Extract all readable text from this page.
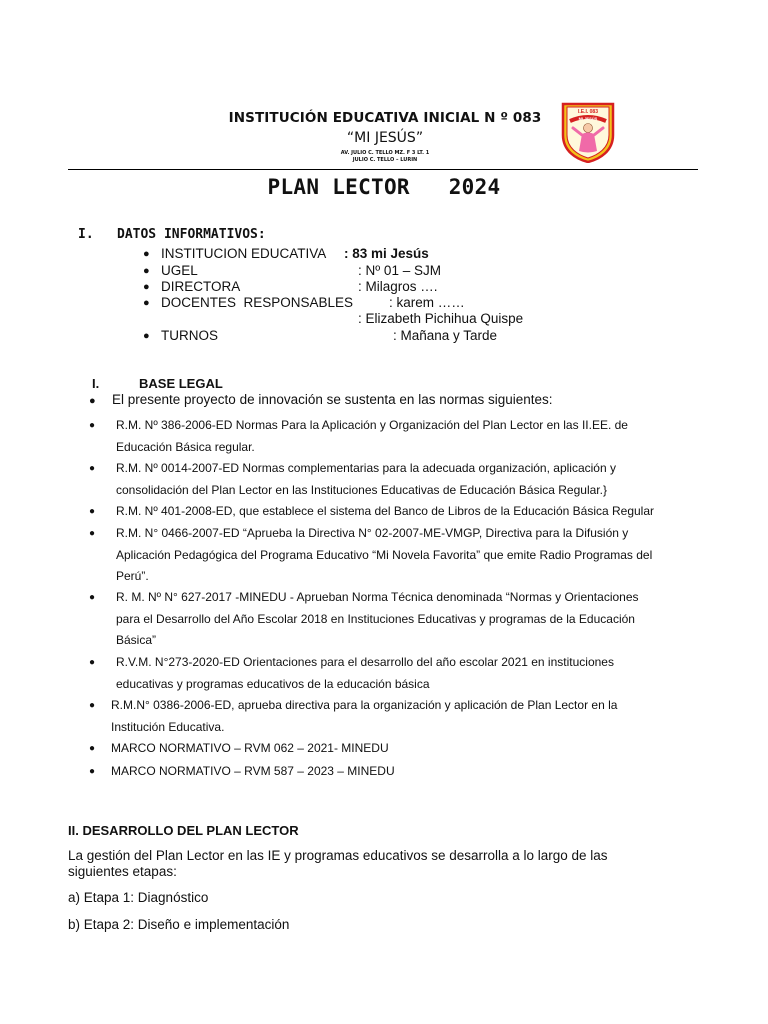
INSTITUCIÓN EDUCATIVA INICIAL N º 083
“MI JESÚS”
AV. JULIO C. TELLO MZ. F 3 LT. 1
JULIO C. TELLO – LURIN
I.E.I. 083
MI JESÚS
PLAN LECTOR   2024
I. DATOS INFORMATIVOS:
● INSTITUCION EDUCATIVA : 83 mi Jesús
● UGEL	: Nº 01 – SJM
● DIRECTORA	: Milagros ….
● DOCENTES  RESPONSABLES	: karem ……
: Elizabeth Pichihua Quispe
● TURNOS	: Mañana y Tarde
I.	BASE LEGAL
● El presente proyecto de innovación se sustenta en las normas siguientes:
● R.M. Nº 386-2006-ED Normas Para la Aplicación y Organización del Plan Lector en las II.EE. de
Educación Básica regular.
● R.M. Nº 0014-2007-ED Normas complementarias para la adecuada organización, aplicación y
consolidación del Plan Lector en las Instituciones Educativas de Educación Básica Regular.}
● R.M. Nº 401-2008-ED, que establece el sistema del Banco de Libros de la Educación Básica Regular
● R.M. N° 0466-2007-ED “Aprueba la Directiva N° 02-2007-ME-VMGP, Directiva para la Difusión y
Aplicación Pedagógica del Programa Educativo “Mi Novela Favorita” que emite Radio Programas del
Perú”.
● R. M. Nº N° 627-2017 -MINEDU - Aprueban Norma Técnica denominada “Normas y Orientaciones
para el Desarrollo del Año Escolar 2018 en Instituciones Educativas y programas de la Educación
Básica”
● R.V.M. N°273-2020-ED Orientaciones para el desarrollo del año escolar 2021 en instituciones
educativas y programas educativos de la educación básica
● R.M.N° 0386-2006-ED, aprueba directiva para la organización y aplicación de Plan Lector en la
Institución Educativa.
● MARCO NORMATIVO – RVM 062 – 2021- MINEDU
● MARCO NORMATIVO – RVM 587 – 2023 – MINEDU
II. DESARROLLO DEL PLAN LECTOR
La gestión del Plan Lector en las IE y programas educativos se desarrolla a lo largo de las
siguientes etapas:
a) Etapa 1: Diagnóstico
b) Etapa 2: Diseño e implementación
